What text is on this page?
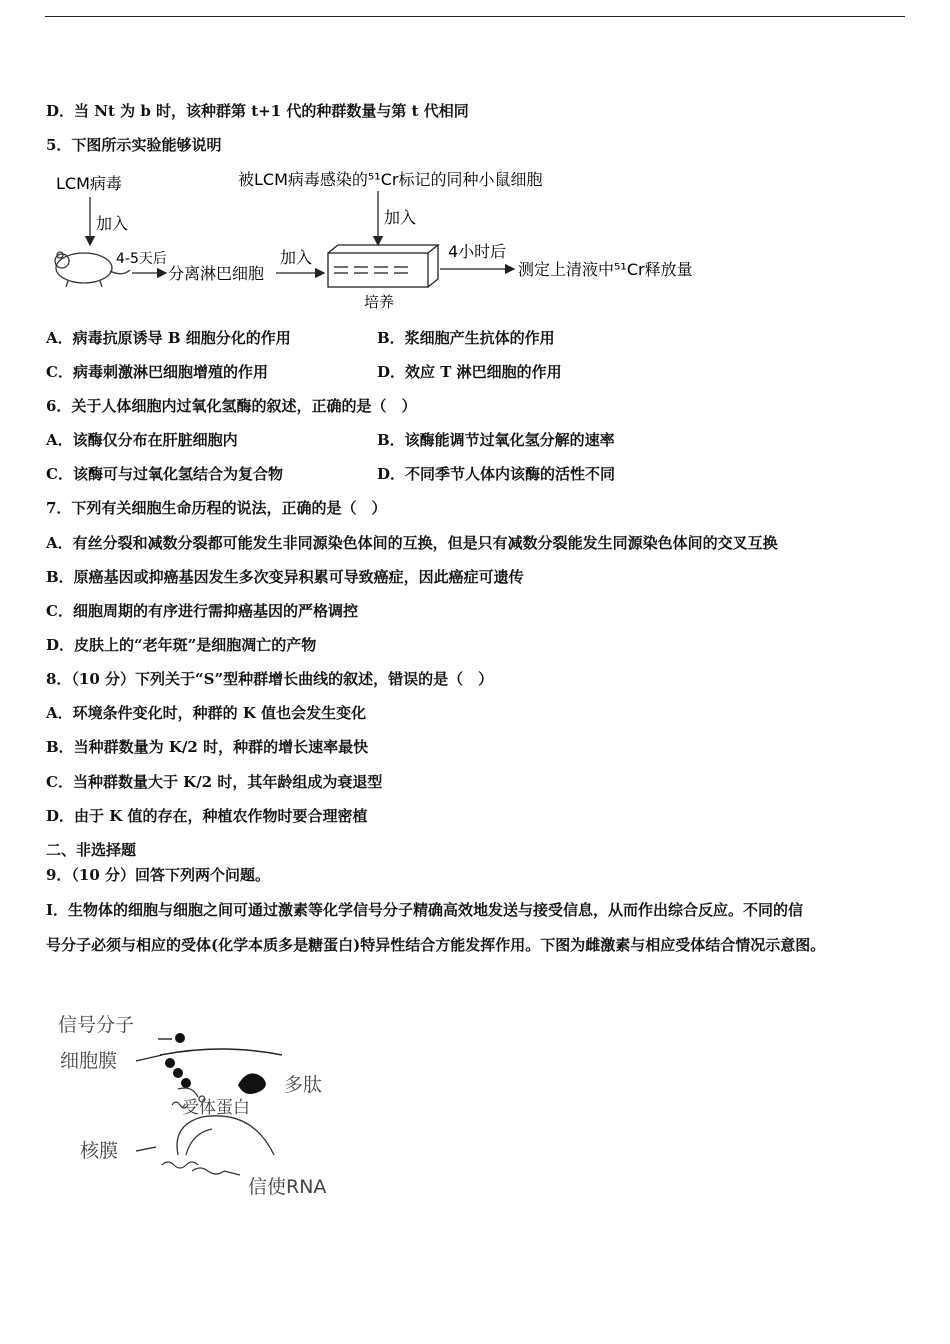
D．当 Nt 为 b 时，该种群第 t+1 代的种群数量与第 t 代相同
5．下图所示实验能够说明
LCM病毒
加入
4-5天后
分离淋巴细胞
加入
被LCM病毒感染的⁵¹Cr标记的同种小鼠细胞
加入
培养
4小时后
测定上清液中⁵¹Cr释放量
A．病毒抗原诱导 B 细胞分化的作用	B．浆细胞产生抗体的作用
C．病毒刺激淋巴细胞增殖的作用	D．效应 T 淋巴细胞的作用
6．关于人体细胞内过氧化氢酶的叙述，正确的是（　）
A．该酶仅分布在肝脏细胞内	B．该酶能调节过氧化氢分解的速率
C．该酶可与过氧化氢结合为复合物	D．不同季节人体内该酶的活性不同
7．下列有关细胞生命历程的说法，正确的是（　）
A．有丝分裂和减数分裂都可能发生非同源染色体间的互换，但是只有减数分裂能发生同源染色体间的交叉互换
B．原癌基因或抑癌基因发生多次变异积累可导致癌症，因此癌症可遗传
C．细胞周期的有序进行需抑癌基因的严格调控
D．皮肤上的“老年斑”是细胞凋亡的产物
8．（10 分）下列关于“S”型种群增长曲线的叙述，错误的是（　）
A．环境条件变化时，种群的 K 值也会发生变化
B．当种群数量为 K/2 时，种群的增长速率最快
C．当种群数量大于 K/2 时，其年龄组成为衰退型
D．由于 K 值的存在，种植农作物时要合理密植
二、非选择题
9．（10 分）回答下列两个问题。
Ⅰ．生物体的细胞与细胞之间可通过激素等化学信号分子精确高效地发送与接受信息，从而作出综合反应。不同的信
号分子必须与相应的受体(化学本质多是糖蛋白)特异性结合方能发挥作用。下图为雌激素与相应受体结合情况示意图。
信号分子
细胞膜
多肽
受体蛋白
核膜
信使RNA
